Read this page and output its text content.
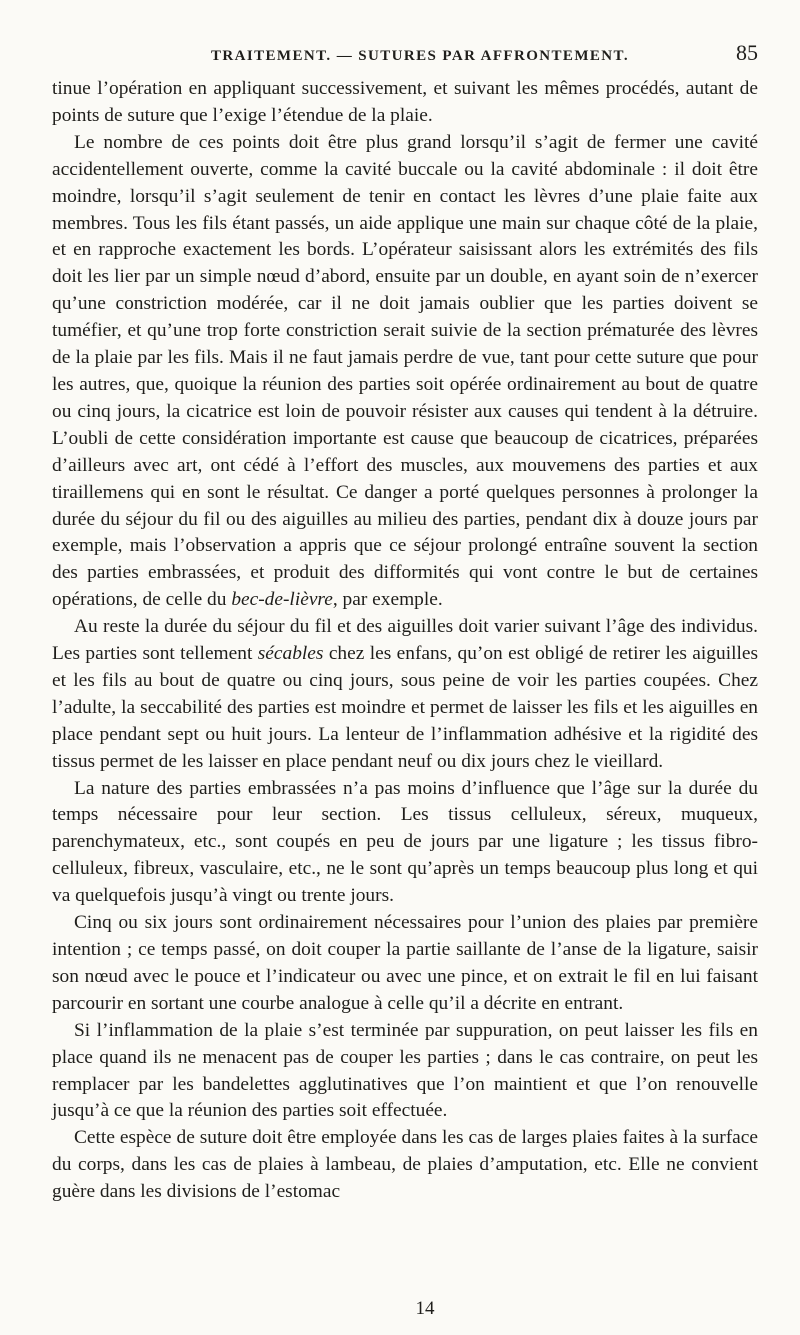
TRAITEMENT. — SUTURES PAR AFFRONTEMENT.	85

tinue l’opération en appliquant successivement, et suivant les mêmes procédés, autant de points de suture que l’exige l’étendue de la plaie.

Le nombre de ces points doit être plus grand lorsqu’il s’agit de fermer une cavité accidentellement ouverte, comme la cavité buccale ou la cavité abdominale : il doit être moindre, lorsqu’il s’agit seulement de tenir en contact les lèvres d’une plaie faite aux membres. Tous les fils étant passés, un aide applique une main sur chaque côté de la plaie, et en rapproche exactement les bords. L’opérateur saisissant alors les extrémités des fils doit les lier par un simple nœud d’abord, ensuite par un double, en ayant soin de n’exercer qu’une constriction modérée, car il ne doit jamais oublier que les parties doivent se tuméfier, et qu’une trop forte constriction serait suivie de la section prématurée des lèvres de la plaie par les fils. Mais il ne faut jamais perdre de vue, tant pour cette suture que pour les autres, que, quoique la réunion des parties soit opérée ordinairement au bout de quatre ou cinq jours, la cicatrice est loin de pouvoir résister aux causes qui tendent à la détruire. L’oubli de cette considération importante est cause que beaucoup de cicatrices, préparées d’ailleurs avec art, ont cédé à l’effort des muscles, aux mouvemens des parties et aux tiraillemens qui en sont le résultat. Ce danger a porté quelques personnes à prolonger la durée du séjour du fil ou des aiguilles au milieu des parties, pendant dix à douze jours par exemple, mais l’observation a appris que ce séjour prolongé entraîne souvent la section des parties embrassées, et produit des difformités qui vont contre le but de certaines opérations, de celle du bec-de-lièvre, par exemple.

Au reste la durée du séjour du fil et des aiguilles doit varier suivant l’âge des individus. Les parties sont tellement sécables chez les enfans, qu’on est obligé de retirer les aiguilles et les fils au bout de quatre ou cinq jours, sous peine de voir les parties coupées. Chez l’adulte, la seccabilité des parties est moindre et permet de laisser les fils et les aiguilles en place pendant sept ou huit jours. La lenteur de l’inflammation adhésive et la rigidité des tissus permet de les laisser en place pendant neuf ou dix jours chez le vieillard.

La nature des parties embrassées n’a pas moins d’influence que l’âge sur la durée du temps nécessaire pour leur section. Les tissus celluleux, séreux, muqueux, parenchymateux, etc., sont coupés en peu de jours par une ligature ; les tissus fibro-celluleux, fibreux, vasculaire, etc., ne le sont qu’après un temps beaucoup plus long et qui va quelquefois jusqu’à vingt ou trente jours.

Cinq ou six jours sont ordinairement nécessaires pour l’union des plaies par première intention ; ce temps passé, on doit couper la partie saillante de l’anse de la ligature, saisir son nœud avec le pouce et l’indicateur ou avec une pince, et on extrait le fil en lui faisant parcourir en sortant une courbe analogue à celle qu’il a décrite en entrant.

Si l’inflammation de la plaie s’est terminée par suppuration, on peut laisser les fils en place quand ils ne menacent pas de couper les parties ; dans le cas contraire, on peut les remplacer par les bandelettes agglutinatives que l’on maintient et que l’on renouvelle jusqu’à ce que la réunion des parties soit effectuée.

Cette espèce de suture doit être employée dans les cas de larges plaies faites à la surface du corps, dans les cas de plaies à lambeau, de plaies d’amputation, etc. Elle ne convient guère dans les divisions de l’estomac

14
